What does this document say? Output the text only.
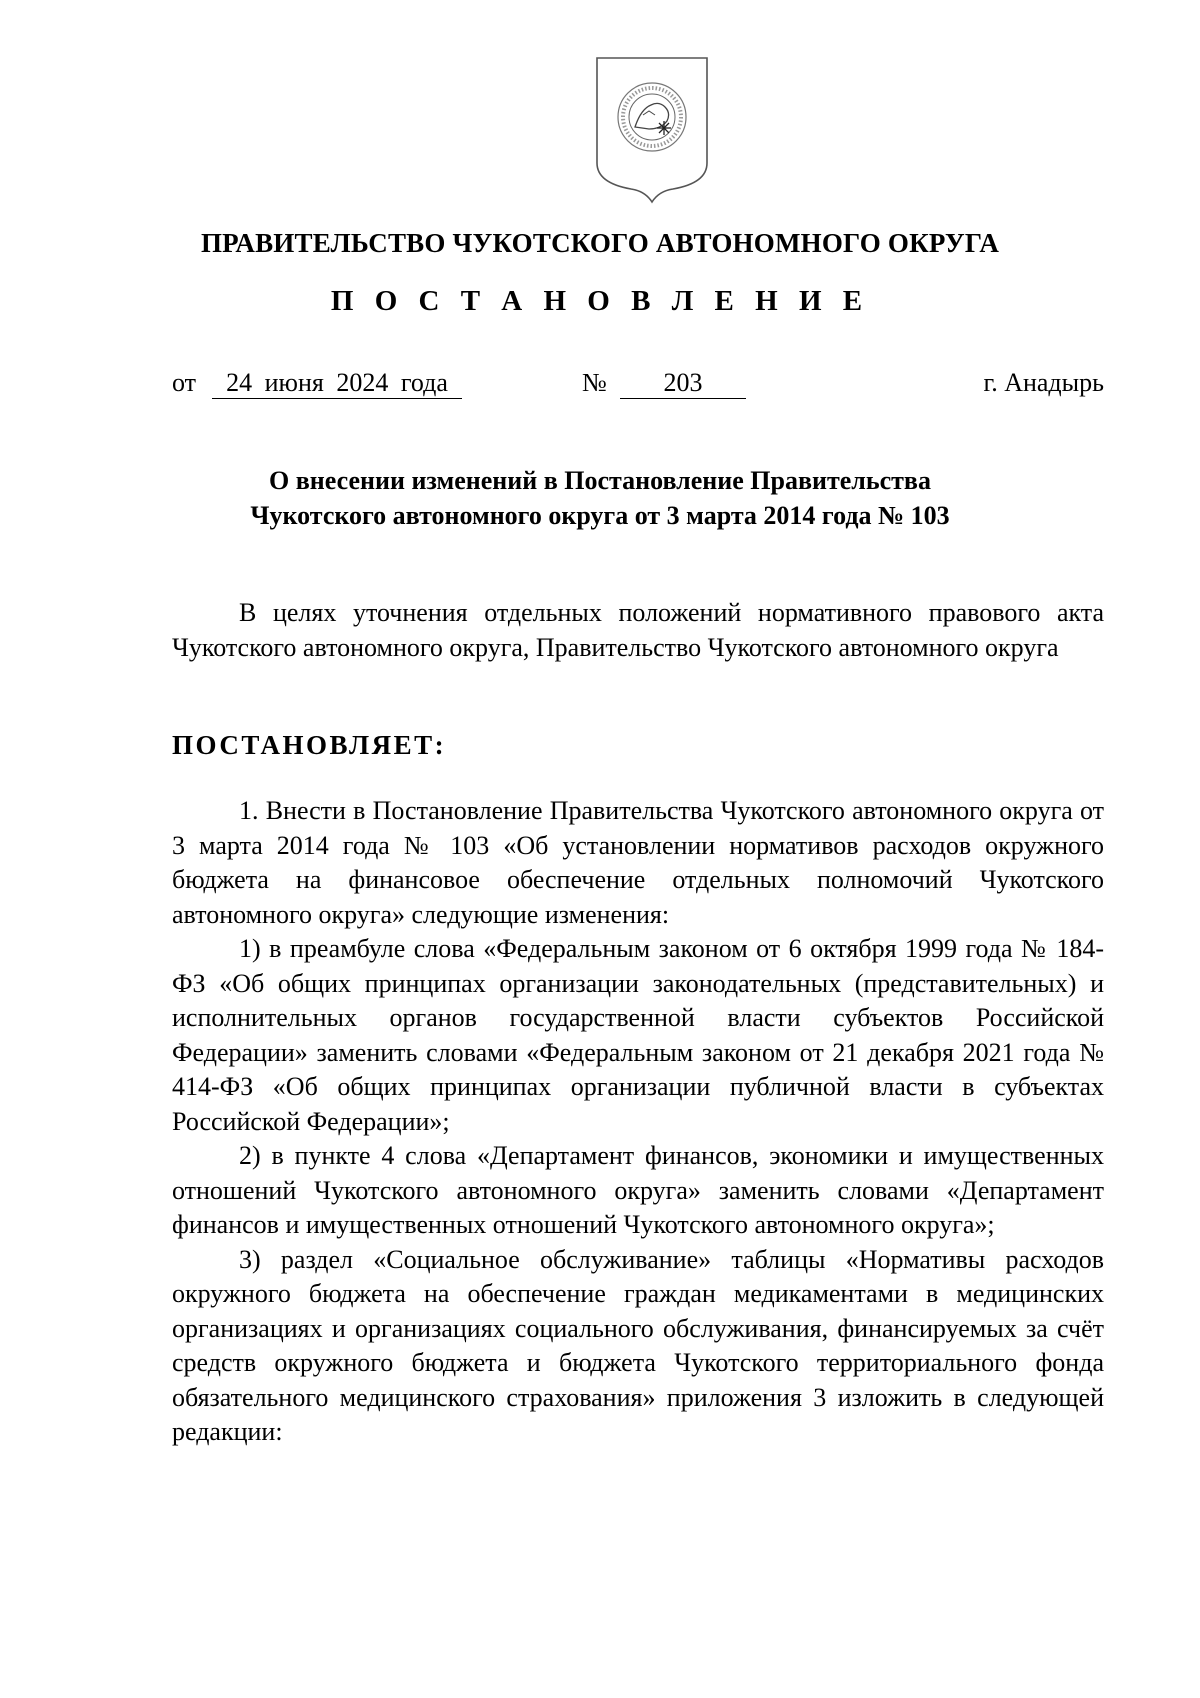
ПРАВИТЕЛЬСТВО ЧУКОТСКОГО АВТОНОМНОГО ОКРУГА
П О С Т А Н О В Л Е Н И Е
от	24 июня 2024 года	№	203	г. Анадырь
О внесении изменений в Постановление Правительства
Чукотского автономного округа от 3 марта 2014 года № 103
В целях уточнения отдельных положений нормативного правового акта Чукотского автономного округа, Правительство Чукотского автономного округа
ПОСТАНОВЛЯЕТ:

1. Внести в Постановление Правительства Чукотского автономного округа от 3 марта 2014 года № 103 «Об установлении нормативов расходов окружного бюджета на финансовое обеспечение отдельных полномочий Чукотского автономного округа» следующие изменения:

1) в преамбуле слова «Федеральным законом от 6 октября 1999 года № 184-ФЗ «Об общих принципах организации законодательных (представительных) и исполнительных органов государственной власти субъектов Российской Федерации» заменить словами «Федеральным законом от 21 декабря 2021 года № 414-ФЗ «Об общих принципах организации публичной власти в субъектах Российской Федерации»;

2) в пункте 4 слова «Департамент финансов, экономики и имущественных отношений Чукотского автономного округа» заменить словами «Департамент финансов и имущественных отношений Чукотского автономного округа»;

3) раздел «Социальное обслуживание» таблицы «Нормативы расходов окружного бюджета на обеспечение граждан медикаментами в медицинских организациях и организациях социального обслуживания, финансируемых за счёт средств окружного бюджета и бюджета Чукотского территориального фонда обязательного медицинского страхования» приложения 3 изложить в следующей редакции:
